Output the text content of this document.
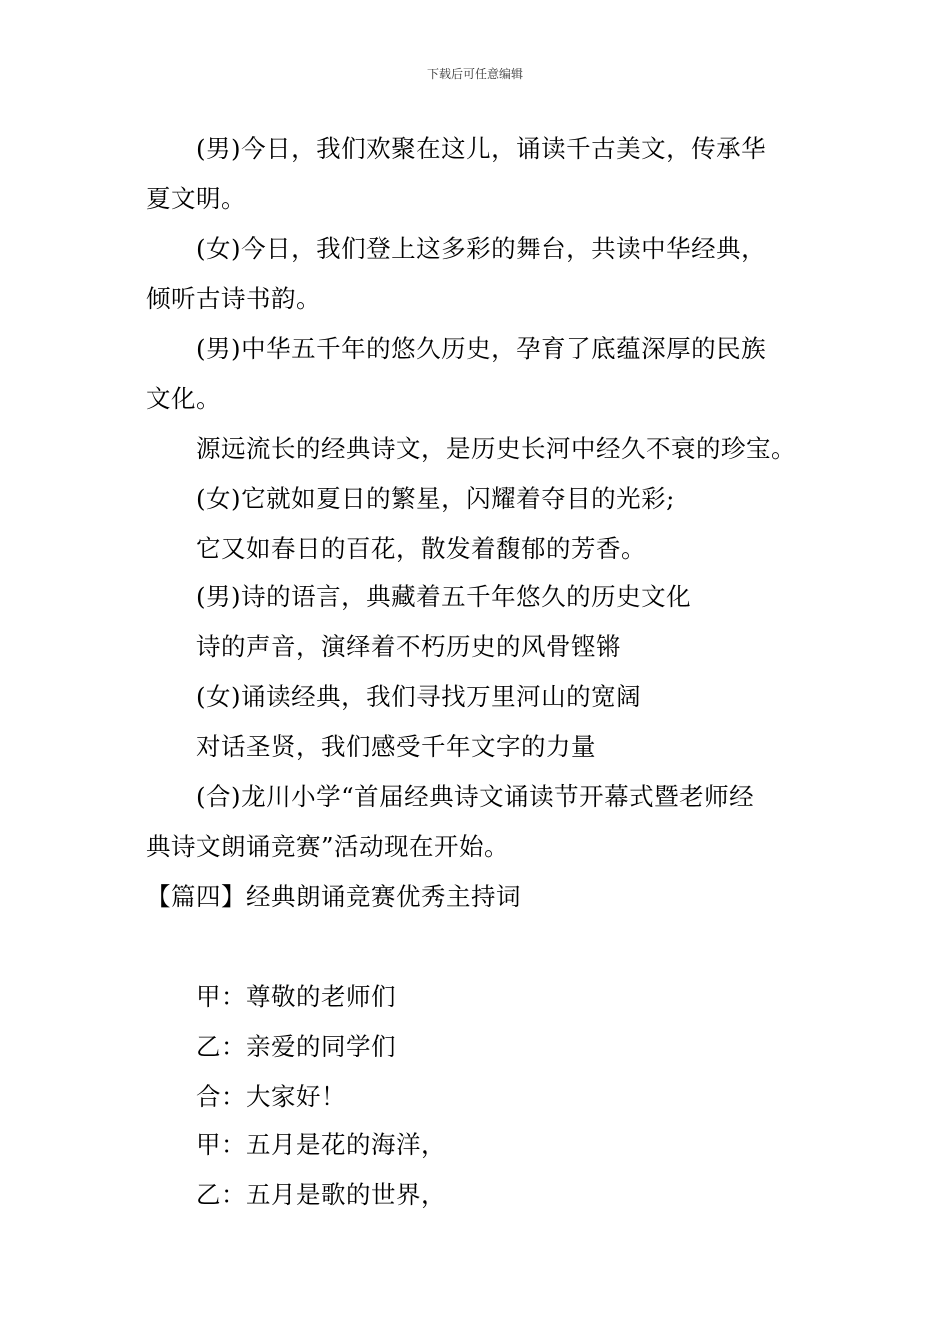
下载后可任意编辑
(男)今日，我们欢聚在这儿，诵读千古美文，传承华
夏文明。
(女)今日，我们登上这多彩的舞台，共读中华经典，
倾听古诗书韵。
(男)中华五千年的悠久历史，孕育了底蕴深厚的民族
文化。
源远流长的经典诗文，是历史长河中经久不衰的珍宝。
(女)它就如夏日的繁星，闪耀着夺目的光彩;
它又如春日的百花，散发着馥郁的芳香。
(男)诗的语言，典藏着五千年悠久的历史文化
诗的声音，演绎着不朽历史的风骨铿锵
(女)诵读经典，我们寻找万里河山的宽阔
对话圣贤，我们感受千年文字的力量
(合)龙川小学“首届经典诗文诵读节开幕式暨老师经
典诗文朗诵竞赛”活动现在开始。
【篇四】经典朗诵竞赛优秀主持词
甲：尊敬的老师们
乙：亲爱的同学们
合：大家好！
甲：五月是花的海洋，
乙：五月是歌的世界，
